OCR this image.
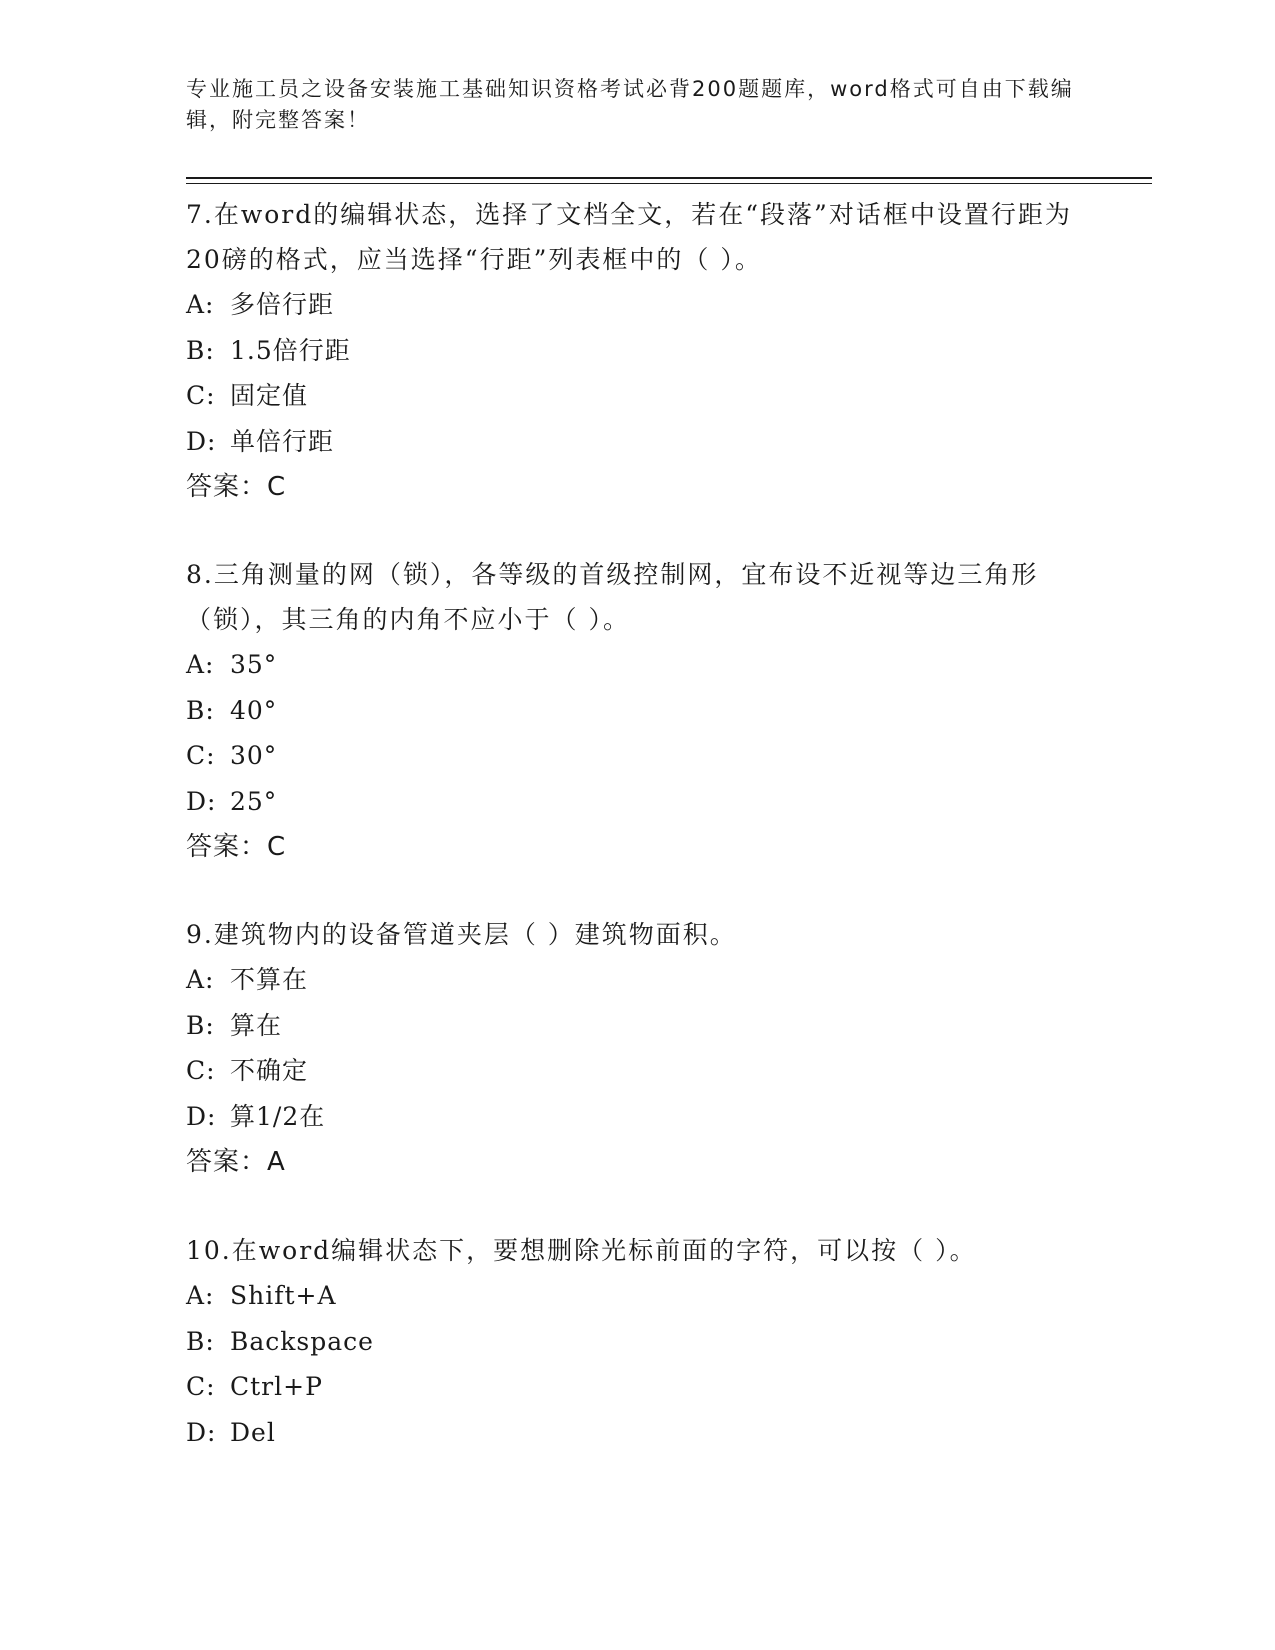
专业施工员之设备安装施工基础知识资格考试必背200题题库，word格式可自由下载编辑，附完整答案！

7.在word的编辑状态，选择了文档全文，若在“段落”对话框中设置行距为20磅的格式，应当选择“行距”列表框中的（ ）。

A: 多倍行距

B: 1.5倍行距

C: 固定值

D: 单倍行距

答案：C

8.三角测量的网（锁），各等级的首级控制网，宜布设不近视等边三角形（锁），其三角的内角不应小于（ ）。

A: 35°

B: 40°

C: 30°

D: 25°

答案：C

9.建筑物内的设备管道夹层（ ）建筑物面积。

A: 不算在

B: 算在

C: 不确定

D: 算1/2在

答案：A

10.在word编辑状态下，要想删除光标前面的字符，可以按（ ）。

A: Shift+A

B: Backspace

C: Ctrl+P

D: Del
